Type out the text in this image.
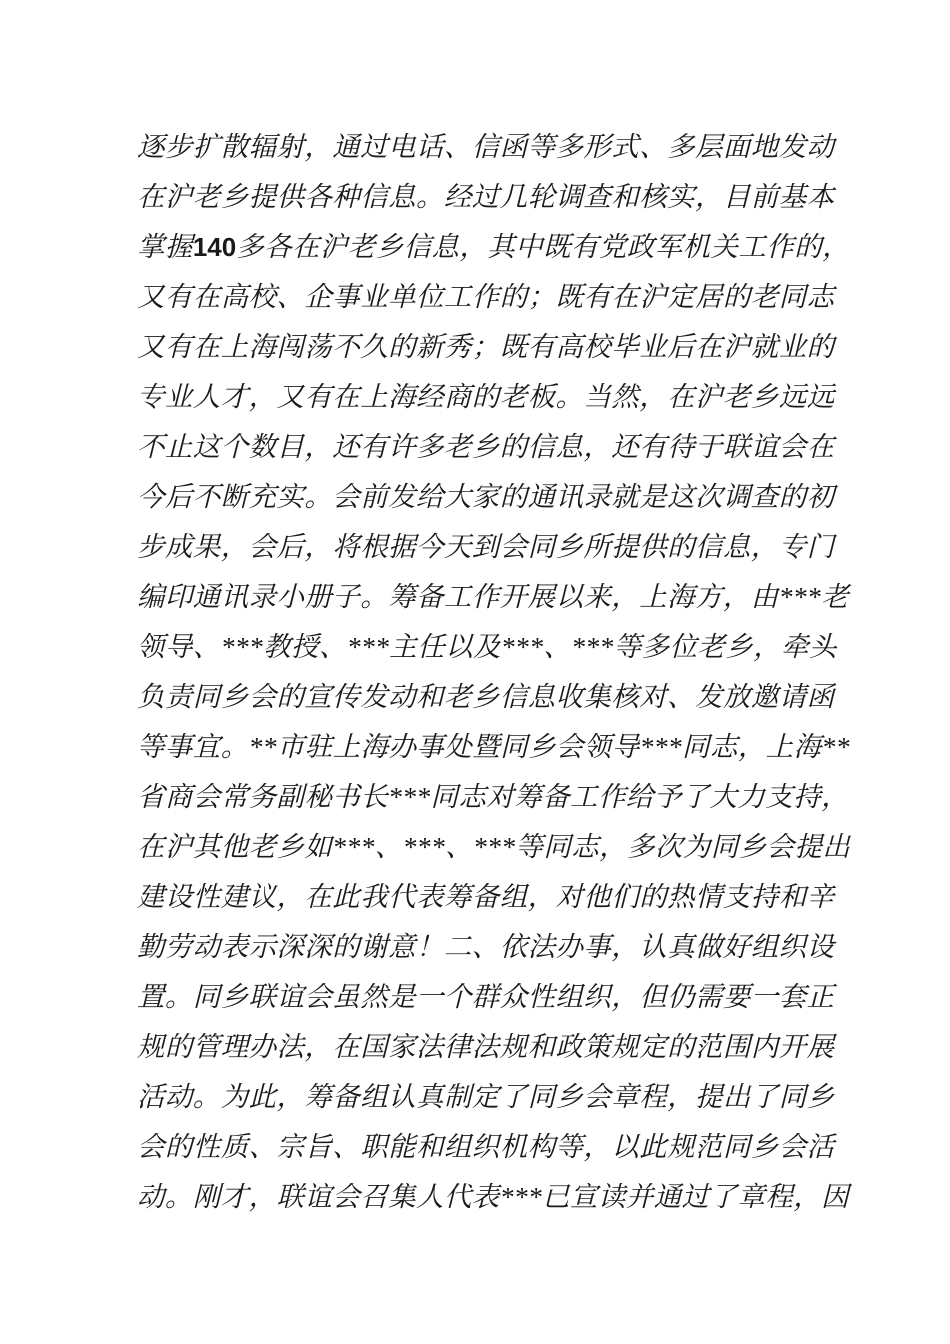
逐步扩散辐射，通过电话、信函等多形式、多层面地发动
在沪老乡提供各种信息。经过几轮调查和核实，目前基本
掌握140多各在沪老乡信息，其中既有党政军机关工作的，
又有在高校、企事业单位工作的；既有在沪定居的老同志
又有在上海闯荡不久的新秀；既有高校毕业后在沪就业的
专业人才，又有在上海经商的老板。当然，在沪老乡远远
不止这个数目，还有许多老乡的信息，还有待于联谊会在
今后不断充实。会前发给大家的通讯录就是这次调查的初
步成果，会后，将根据今天到会同乡所提供的信息，专门
编印通讯录小册子。筹备工作开展以来，上海方，由***老
领导、***教授、***主任以及***、***等多位老乡，牵头
负责同乡会的宣传发动和老乡信息收集核对、发放邀请函
等事宜。**市驻上海办事处暨同乡会领导***同志，上海**
省商会常务副秘书长***同志对筹备工作给予了大力支持，
在沪其他老乡如***、***、***等同志，多次为同乡会提出
建设性建议，在此我代表筹备组，对他们的热情支持和辛
勤劳动表示深深的谢意！二、依法办事，认真做好组织设
置。同乡联谊会虽然是一个群众性组织，但仍需要一套正
规的管理办法，在国家法律法规和政策规定的范围内开展
活动。为此，筹备组认真制定了同乡会章程，提出了同乡
会的性质、宗旨、职能和组织机构等，以此规范同乡会活
动。刚才，联谊会召集人代表***已宣读并通过了章程，因
